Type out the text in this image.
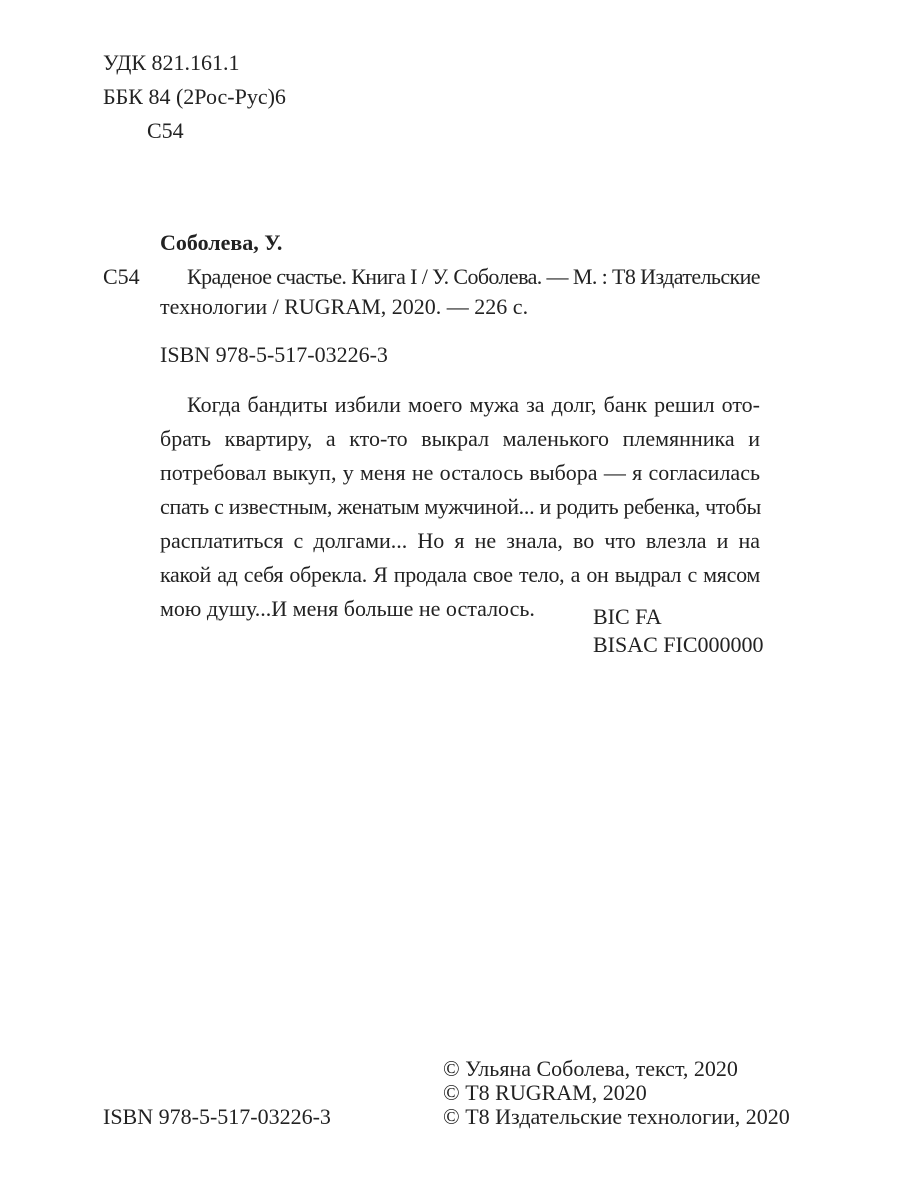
УДК 821.161.1
ББК 84 (2Рос-Рус)6
С54
Соболева, У.
С54 Крадeное счастье. Книга I / У. Соболева. — М. : Т8 Издательские
технологии / RUGRAM, 2020. — 226 с.
ISBN 978-5-517-03226-3
Когда бандиты избили моего мужа за долг, банк решил ото-
брать квартиру, а кто-то выкрал маленького племянника и
потребовал выкуп, у меня не осталось выбора — я согласилась
спать с известным, женатым мужчиной... и родить ребенка, чтобы
расплатиться с долгами... Но я не знала, во что влезла и на
какой ад себя обрекла. Я продала свое тело, а он выдрал с мясом
мою душу...И меня больше не осталось.	BIC FA
BISAC FIC000000
ISBN 978-5-517-03226-3
© Ульяна Соболева, текст, 2020
© Т8 RUGRAM, 2020
© Т8 Издательские технологии, 2020
